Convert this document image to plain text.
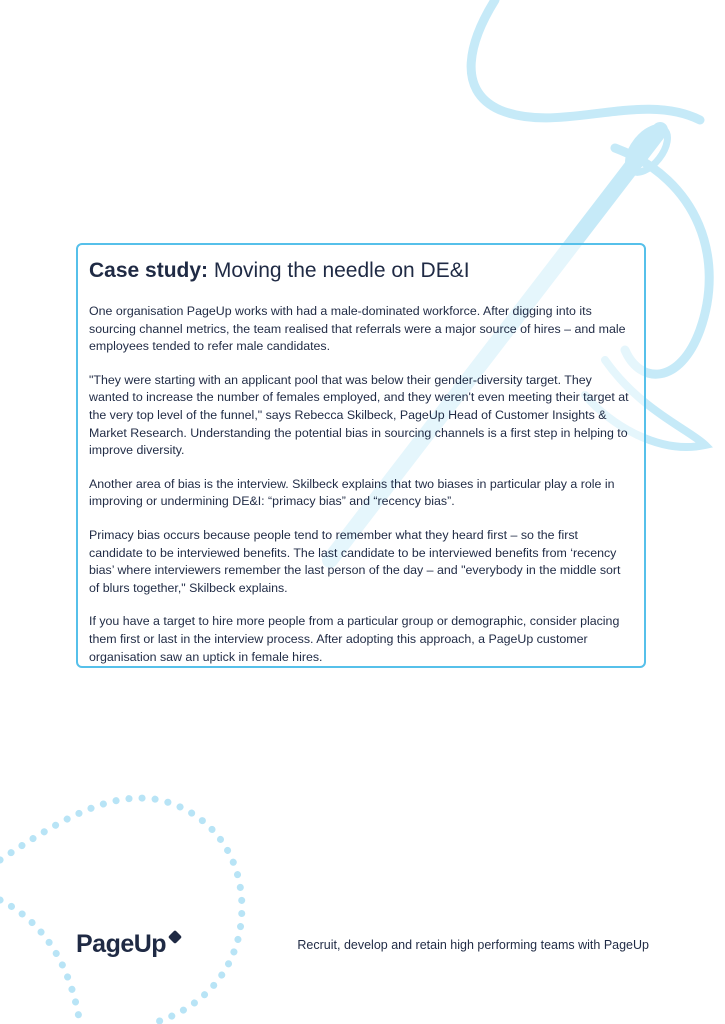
Case study: Moving the needle on DE&I

One organisation PageUp works with had a male-dominated workforce. After digging into its sourcing channel metrics, the team realised that referrals were a major source of hires – and male employees tended to refer male candidates.

"They were starting with an applicant pool that was below their gender-diversity target. They wanted to increase the number of females employed, and they weren't even meeting their target at the very top level of the funnel," says Rebecca Skilbeck, PageUp Head of Customer Insights & Market Research. Understanding the potential bias in sourcing channels is a first step in helping to improve diversity.

Another area of bias is the interview. Skilbeck explains that two biases in particular play a role in improving or undermining DE&I: “primacy bias” and “recency bias”.

Primacy bias occurs because people tend to remember what they heard first – so the first candidate to be interviewed benefits. The last candidate to be interviewed benefits from ‘recency bias’ where interviewers remember the last person of the day – and "everybody in the middle sort of blurs together," Skilbeck explains.

If you have a target to hire more people from a particular group or demographic, consider placing them first or last in the interview process. After adopting this approach, a PageUp customer organisation saw an uptick in female hires.

PageUp	Recruit, develop and retain high performing teams with PageUp
